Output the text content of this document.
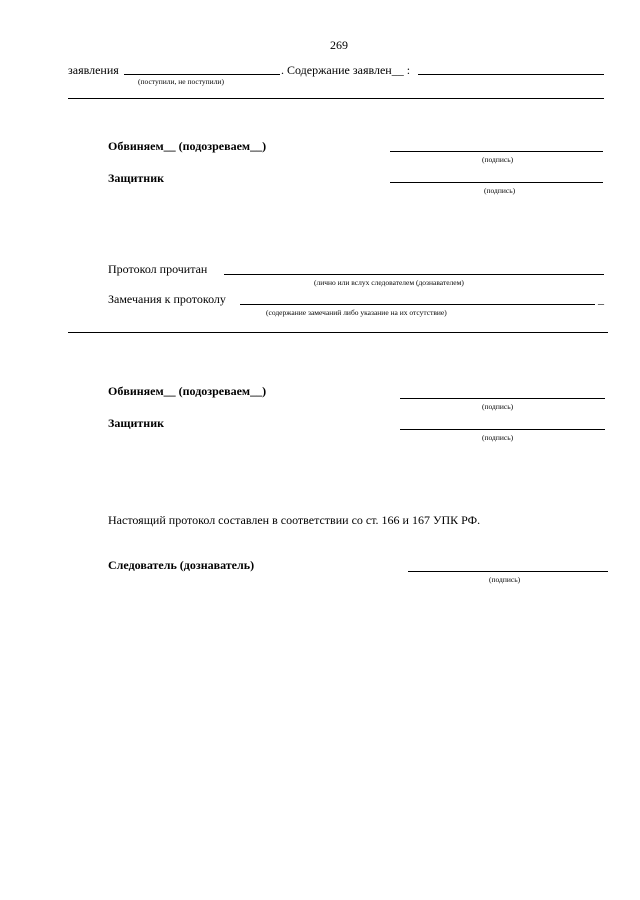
269
заявления
(поступили, не поступили)
. Содержание заявлен__ :
Обвиняем__ (подозреваем__)
(подпись)
Защитник
(подпись)
Протокол прочитан
(лично или вслух следователем (дознавателем)
Замечания к протоколу	_
(содержание замечаний либо указание на их отсутствие)
Обвиняем__ (подозреваем__)
(подпись)
Защитник
(подпись)
Настоящий протокол составлен в соответствии со ст. 166 и 167 УПК РФ.
Следователь (дознаватель)
(подпись)
